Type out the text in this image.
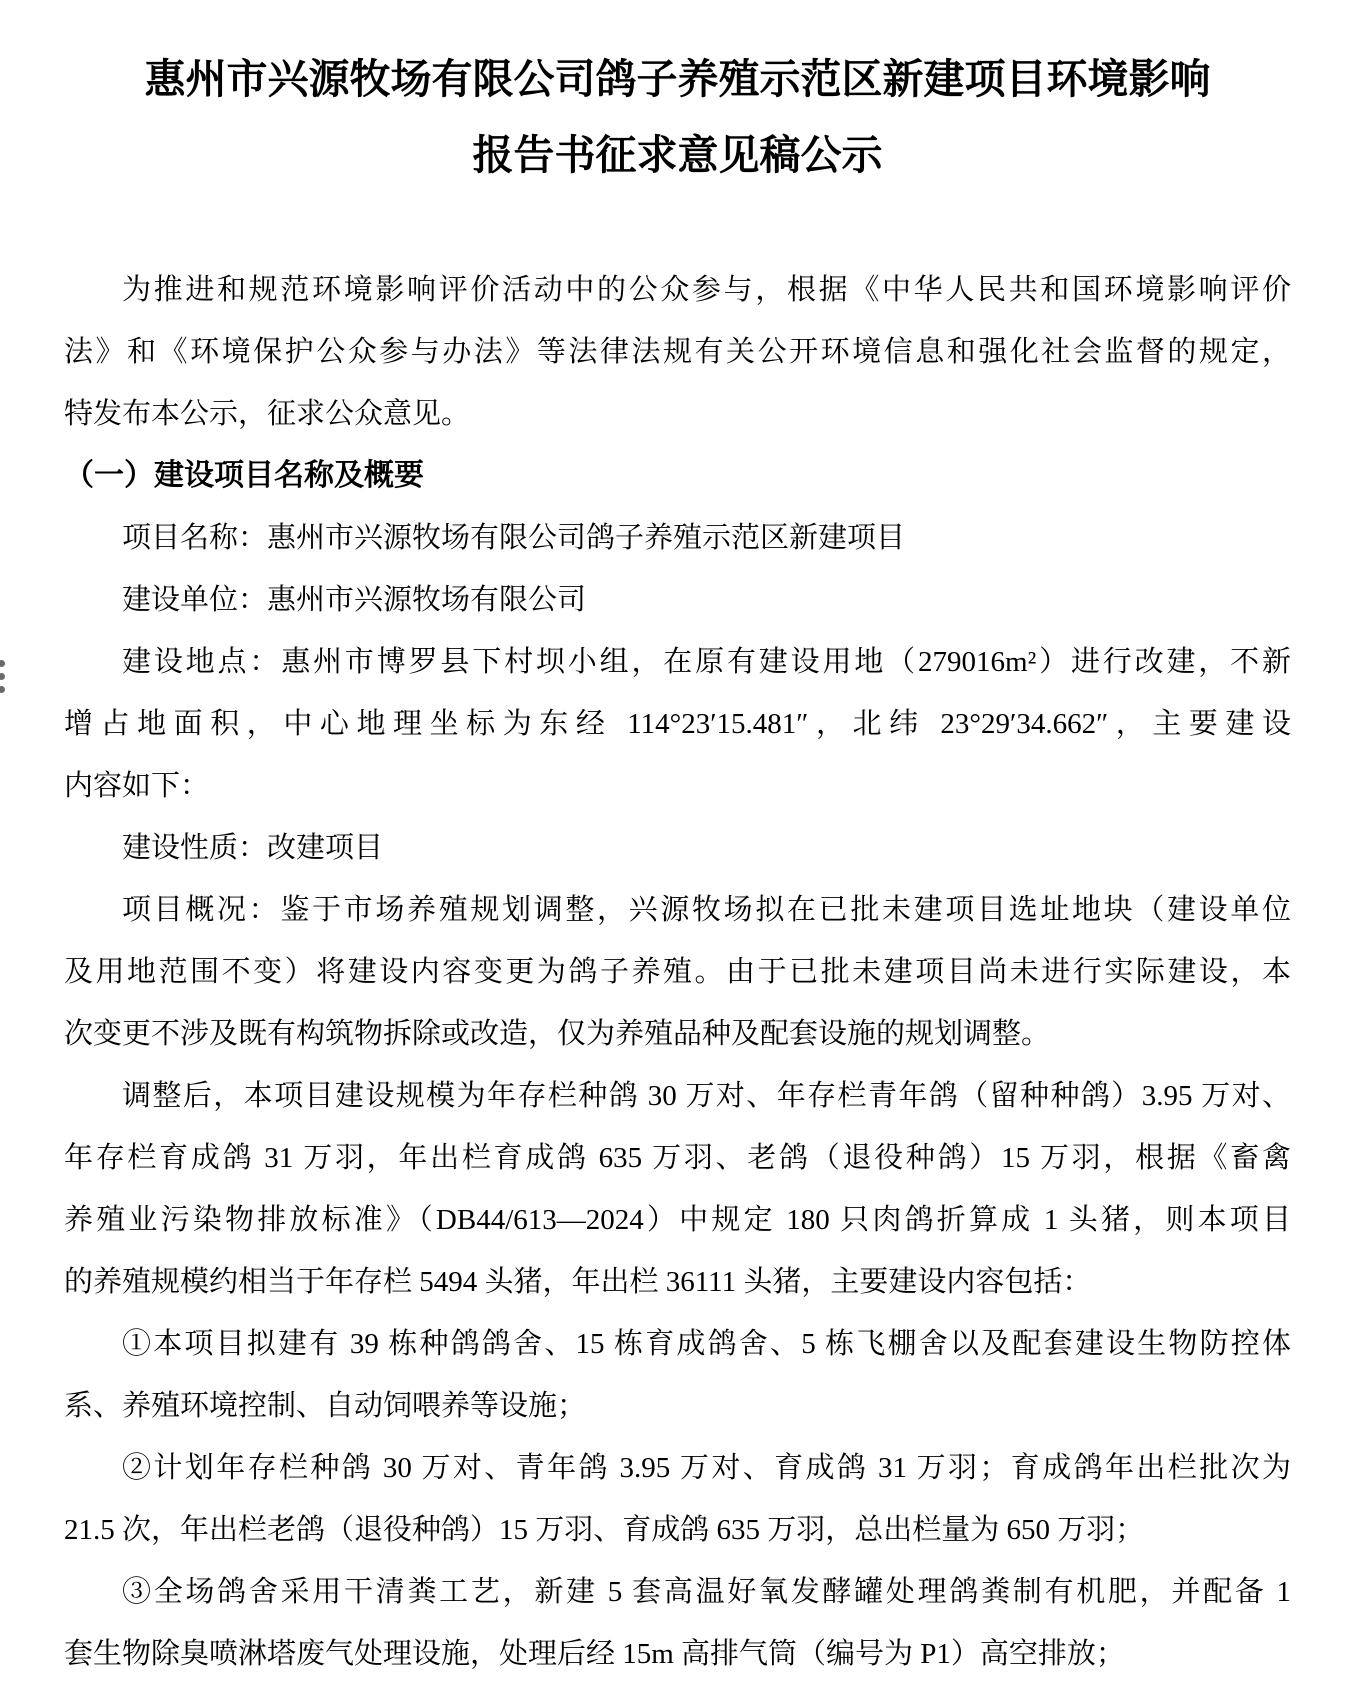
惠州市兴源牧场有限公司鸽子养殖示范区新建项目环境影响
报告书征求意见稿公示
为推进和规范环境影响评价活动中的公众参与，根据《中华人民共和国环境影响评价
法》和《环境保护公众参与办法》等法律法规有关公开环境信息和强化社会监督的规定，
特发布本公示，征求公众意见。
（一）建设项目名称及概要
项目名称：惠州市兴源牧场有限公司鸽子养殖示范区新建项目
建设单位：惠州市兴源牧场有限公司
建设地点：惠州市博罗县下村坝小组，在原有建设用地（279016m²）进行改建，不新
增占地面积，中心地理坐标为东经 114°23′15.481″，北纬 23°29′34.662″，主要建设
内容如下：
建设性质：改建项目
项目概况：鉴于市场养殖规划调整，兴源牧场拟在已批未建项目选址地块（建设单位
及用地范围不变）将建设内容变更为鸽子养殖。由于已批未建项目尚未进行实际建设，本
次变更不涉及既有构筑物拆除或改造，仅为养殖品种及配套设施的规划调整。
调整后，本项目建设规模为年存栏种鸽 30 万对、年存栏青年鸽（留种种鸽）3.95 万对、
年存栏育成鸽 31 万羽，年出栏育成鸽 635 万羽、老鸽（退役种鸽）15 万羽，根据《畜禽
养殖业污染物排放标准》（DB44/613—2024）中规定 180 只肉鸽折算成 1 头猪，则本项目
的养殖规模约相当于年存栏 5494 头猪，年出栏 36111 头猪，主要建设内容包括：
①本项目拟建有 39 栋种鸽鸽舍、15 栋育成鸽舍、5 栋飞棚舍以及配套建设生物防控体
系、养殖环境控制、自动饲喂养等设施；
②计划年存栏种鸽 30 万对、青年鸽 3.95 万对、育成鸽 31 万羽；育成鸽年出栏批次为
21.5 次，年出栏老鸽（退役种鸽）15 万羽、育成鸽 635 万羽，总出栏量为 650 万羽；
③全场鸽舍采用干清粪工艺，新建 5 套高温好氧发酵罐处理鸽粪制有机肥，并配备 1
套生物除臭喷淋塔废气处理设施，处理后经 15m 高排气筒（编号为 P1）高空排放；
